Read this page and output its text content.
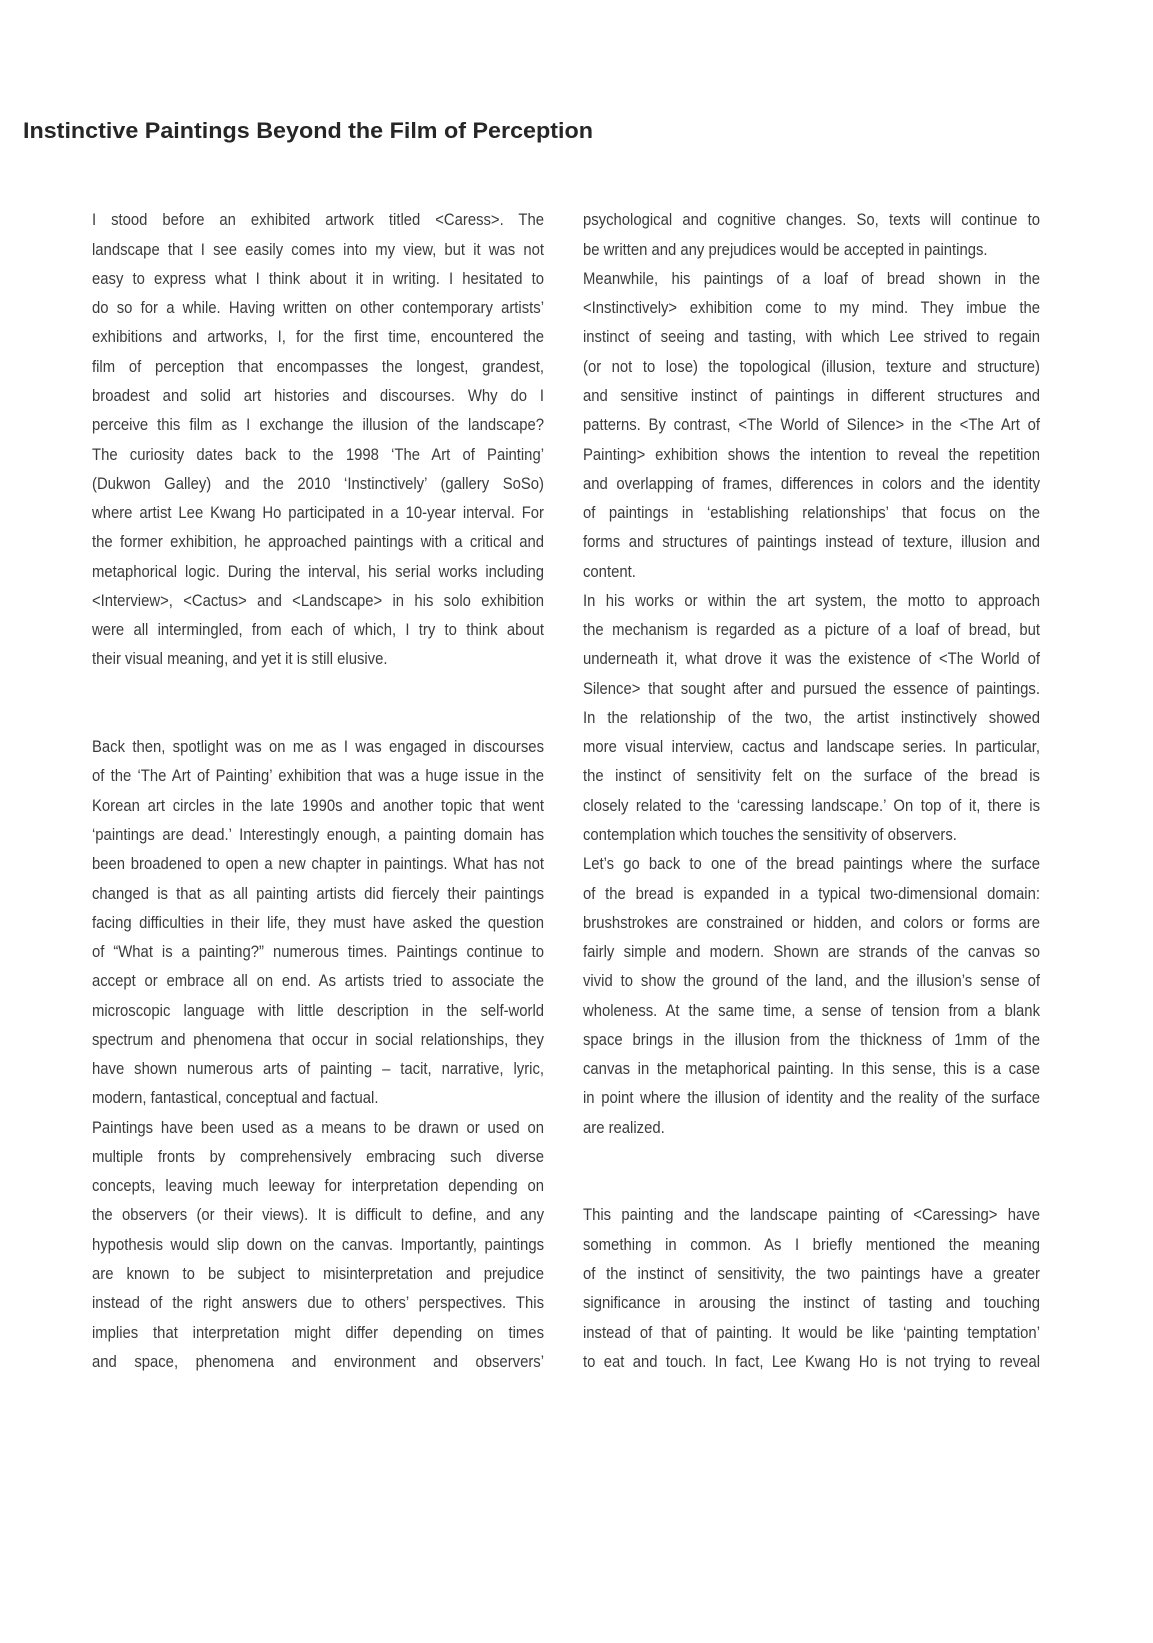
Instinctive Paintings Beyond the Film of Perception
I stood before an exhibited artwork titled <Caress>. The
landscape that I see easily comes into my view, but it was not
easy to express what I think about it in writing. I hesitated to
do so for a while. Having written on other contemporary artists’
exhibitions and artworks, I, for the first time, encountered the
film of perception that encompasses the longest, grandest,
broadest and solid art histories and discourses. Why do I
perceive this film as I exchange the illusion of the landscape?
The curiosity dates back to the 1998 ‘The Art of Painting’
(Dukwon Galley) and the 2010 ‘Instinctively’ (gallery SoSo)
where artist Lee Kwang Ho participated in a 10-year interval. For
the former exhibition, he approached paintings with a critical and
metaphorical logic. During the interval, his serial works including
<Interview>, <Cactus> and <Landscape> in his solo exhibition
were all intermingled, from each of which, I try to think about
their visual meaning, and yet it is still elusive.
Back then, spotlight was on me as I was engaged in discourses
of the ‘The Art of Painting’ exhibition that was a huge issue in the
Korean art circles in the late 1990s and another topic that went
‘paintings are dead.’ Interestingly enough, a painting domain has
been broadened to open a new chapter in paintings. What has not
changed is that as all painting artists did fiercely their paintings
facing difficulties in their life, they must have asked the question
of “What is a painting?” numerous times. Paintings continue to
accept or embrace all on end. As artists tried to associate the
microscopic language with little description in the self-world
spectrum and phenomena that occur in social relationships, they
have shown numerous arts of painting – tacit, narrative, lyric,
modern, fantastical, conceptual and factual.
Paintings have been used as a means to be drawn or used on
multiple fronts by comprehensively embracing such diverse
concepts, leaving much leeway for interpretation depending on
the observers (or their views). It is difficult to define, and any
hypothesis would slip down on the canvas. Importantly, paintings
are known to be subject to misinterpretation and prejudice
instead of the right answers due to others’ perspectives. This
implies that interpretation might differ depending on times
and space, phenomena and environment and observers’
psychological and cognitive changes. So, texts will continue to
be written and any prejudices would be accepted in paintings.
Meanwhile, his paintings of a loaf of bread shown in the
<Instinctively> exhibition come to my mind. They imbue the
instinct of seeing and tasting, with which Lee strived to regain
(or not to lose) the topological (illusion, texture and structure)
and sensitive instinct of paintings in different structures and
patterns. By contrast, <The World of Silence> in the <The Art of
Painting> exhibition shows the intention to reveal the repetition
and overlapping of frames, differences in colors and the identity
of paintings in ‘establishing relationships’ that focus on the
forms and structures of paintings instead of texture, illusion and
content.
In his works or within the art system, the motto to approach
the mechanism is regarded as a picture of a loaf of bread, but
underneath it, what drove it was the existence of <The World of
Silence> that sought after and pursued the essence of paintings.
In the relationship of the two, the artist instinctively showed
more visual interview, cactus and landscape series. In particular,
the instinct of sensitivity felt on the surface of the bread is
closely related to the ‘caressing landscape.’ On top of it, there is
contemplation which touches the sensitivity of observers.
Let’s go back to one of the bread paintings where the surface
of the bread is expanded in a typical two-dimensional domain:
brushstrokes are constrained or hidden, and colors or forms are
fairly simple and modern. Shown are strands of the canvas so
vivid to show the ground of the land, and the illusion’s sense of
wholeness. At the same time, a sense of tension from a blank
space brings in the illusion from the thickness of 1mm of the
canvas in the metaphorical painting. In this sense, this is a case
in point where the illusion of identity and the reality of the surface
are realized.
This painting and the landscape painting of <Caressing> have
something in common. As I briefly mentioned the meaning
of the instinct of sensitivity, the two paintings have a greater
significance in arousing the instinct of tasting and touching
instead of that of painting. It would be like ‘painting temptation’
to eat and touch. In fact, Lee Kwang Ho is not trying to reveal
